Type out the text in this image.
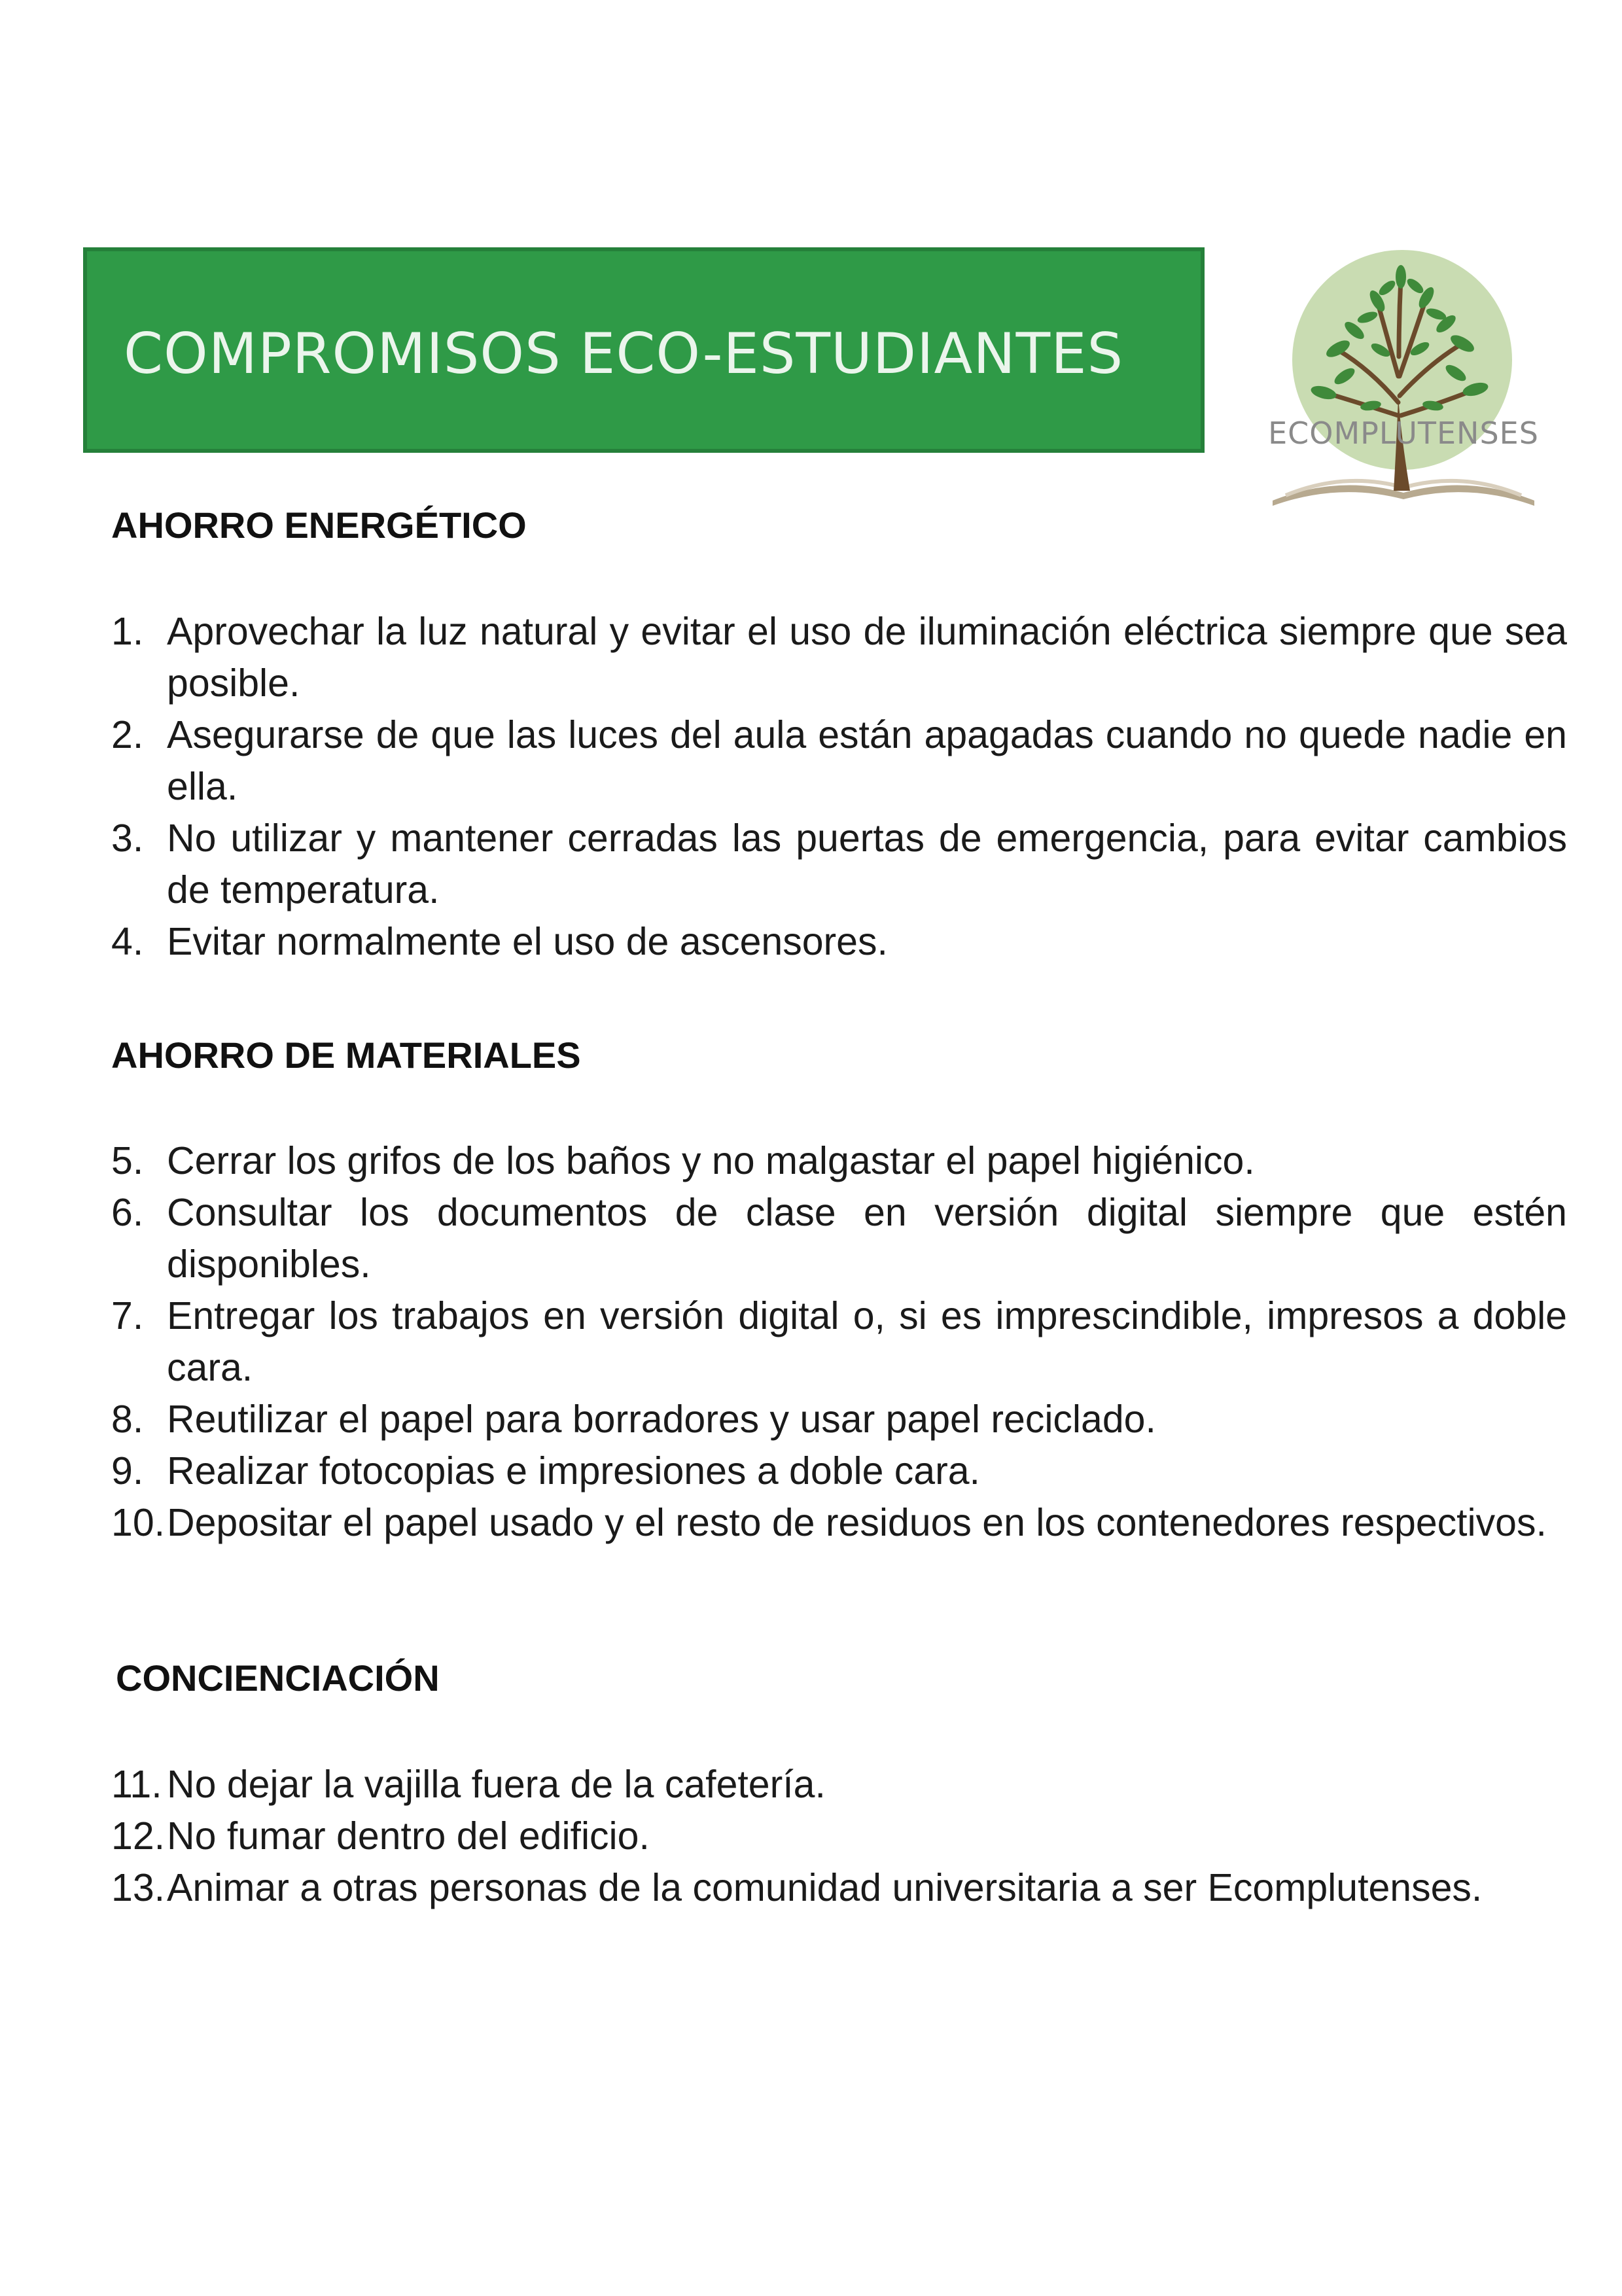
COMPROMISOS ECO-ESTUDIANTES
ECOMPLUTENSES
AHORRO ENERGÉTICO
1. Aprovechar la luz natural y evitar el uso de iluminación eléctrica siempre que sea posible.
2. Asegurarse de que las luces del aula están apagadas cuando no quede nadie en ella.
3. No utilizar y mantener cerradas las puertas de emergencia, para evitar cambios de temperatura.
4. Evitar normalmente el uso de ascensores.
AHORRO DE MATERIALES
5. Cerrar los grifos de los baños y no malgastar el papel higiénico.
6. Consultar los documentos de clase en versión digital siempre que estén disponibles.
7. Entregar los trabajos en versión digital o, si es imprescindible, impresos a doble cara.
8. Reutilizar el papel para borradores y usar papel reciclado.
9. Realizar fotocopias e impresiones a doble cara.
10. Depositar el papel usado y el resto de residuos en los contenedores respectivos.
CONCIENCIACIÓN
11. No dejar la vajilla fuera de la cafetería.
12. No fumar dentro del edificio.
13. Animar a otras personas de la comunidad universitaria a ser Ecomplutenses.
